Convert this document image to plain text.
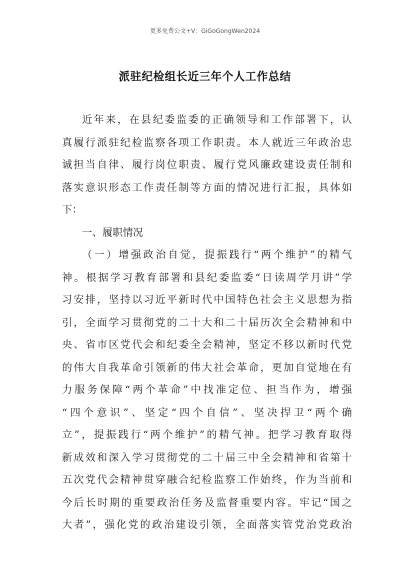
更多免费公文+V：GiGoGongWen2024
派驻纪检组长近三年个人工作总结
近年来，在县纪委监委的正确领导和工作部署下，认
真履行派驻纪检监察各项工作职责。本人就近三年政治忠
诚担当自律、履行岗位职责、履行党风廉政建设责任制和
落实意识形态工作责任制等方面的情况进行汇报，具体如
下：
一、履职情况
（一）增强政治自觉，提振践行“两个维护”的精气
神。根据学习教育部署和县纪委监委“日读周学月讲”学
习安排，坚持以习近平新时代中国特色社会主义思想为指
引，全面学习贯彻党的二十大和二十届历次全会精神和中
央、省市区党代会和纪委全会精神，坚定不移以新时代党
的伟大自我革命引领新的伟大社会革命，更加自觉地在有
力服务保障“两个革命”中找准定位、担当作为，增强
“四个意识”、坚定“四个自信”、坚决捍卫“两个确
立”，提振践行“两个维护”的精气神。把学习教育取得
新成效和深入学习贯彻党的二十届三中全会精神和省第十
五次党代会精神贯穿融合纪检监察工作始终，作为当前和
今后长时期的重要政治任务及监督重要内容。牢记“国之
大者”，强化党的政治建设引领，全面落实管党治党政治
